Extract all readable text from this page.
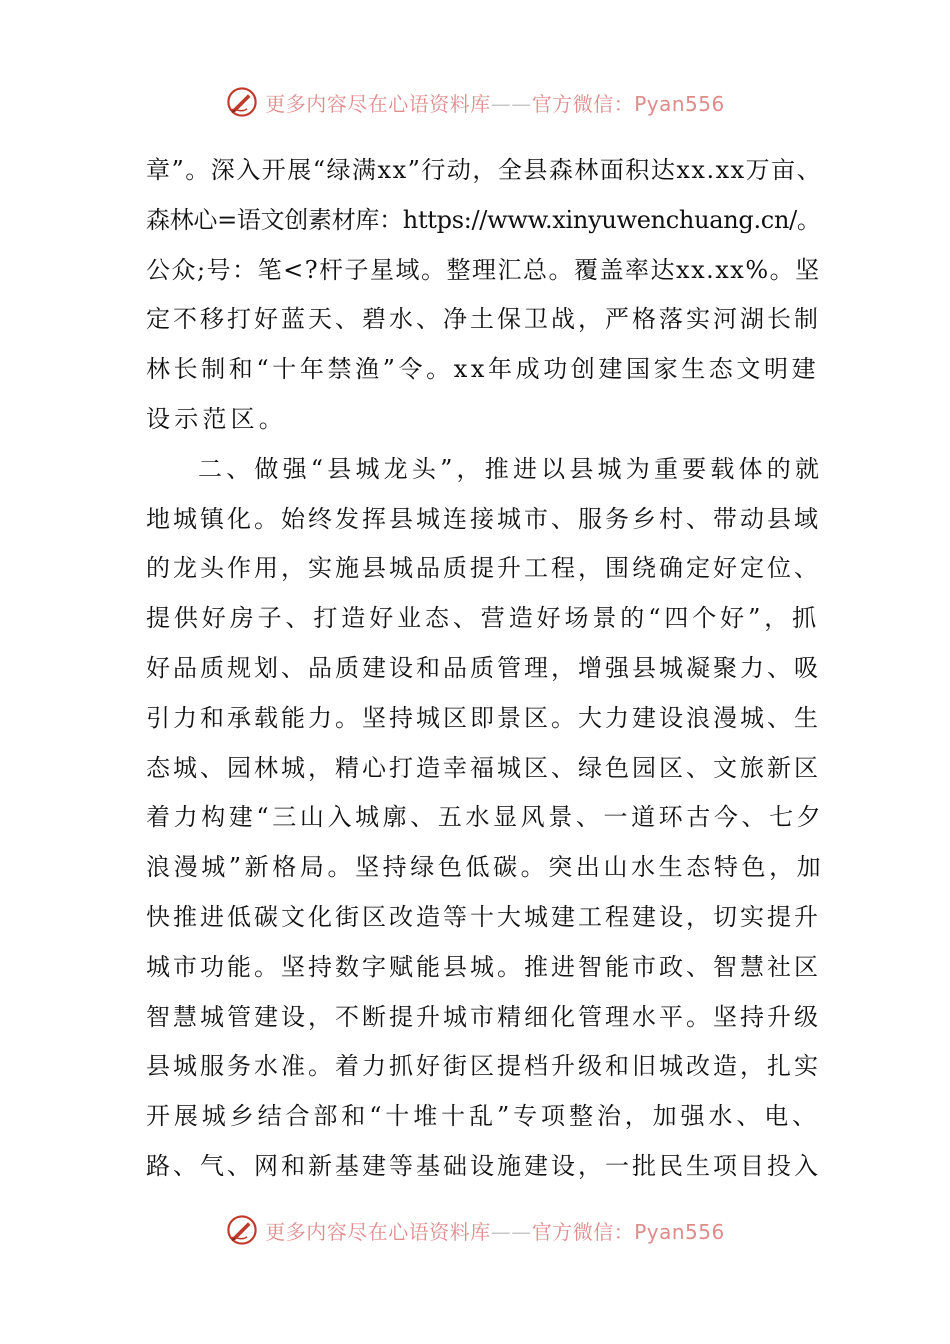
更多内容尽在心语资料库——官方微信：Pyan556
章”。深入开展“绿满xx”行动，全县森林面积达xx.xx万亩、
森林心=语文创素材库：https://www.xinyuwenchuang.cn/。
公众;号：笔<?杆子星域。整理汇总。覆盖率达xx.xx%。坚
定不移打好蓝天、碧水、净土保卫战，严格落实河湖长制
林长制和“十年禁渔”令。xx年成功创建国家生态文明建
设示范区。
二、做强“县城龙头”，推进以县城为重要载体的就
地城镇化。始终发挥县城连接城市、服务乡村、带动县域
的龙头作用，实施县城品质提升工程，围绕确定好定位、
提供好房子、打造好业态、营造好场景的“四个好”，抓
好品质规划、品质建设和品质管理，增强县城凝聚力、吸
引力和承载能力。坚持城区即景区。大力建设浪漫城、生
态城、园林城，精心打造幸福城区、绿色园区、文旅新区
着力构建“三山入城廓、五水显风景、一道环古今、七夕
浪漫城”新格局。坚持绿色低碳。突出山水生态特色，加
快推进低碳文化街区改造等十大城建工程建设，切实提升
城市功能。坚持数字赋能县城。推进智能市政、智慧社区
智慧城管建设，不断提升城市精细化管理水平。坚持升级
县城服务水准。着力抓好街区提档升级和旧城改造，扎实
开展城乡结合部和“十堆十乱”专项整治，加强水、电、
路、气、网和新基建等基础设施建设，一批民生项目投入
更多内容尽在心语资料库——官方微信：Pyan556
